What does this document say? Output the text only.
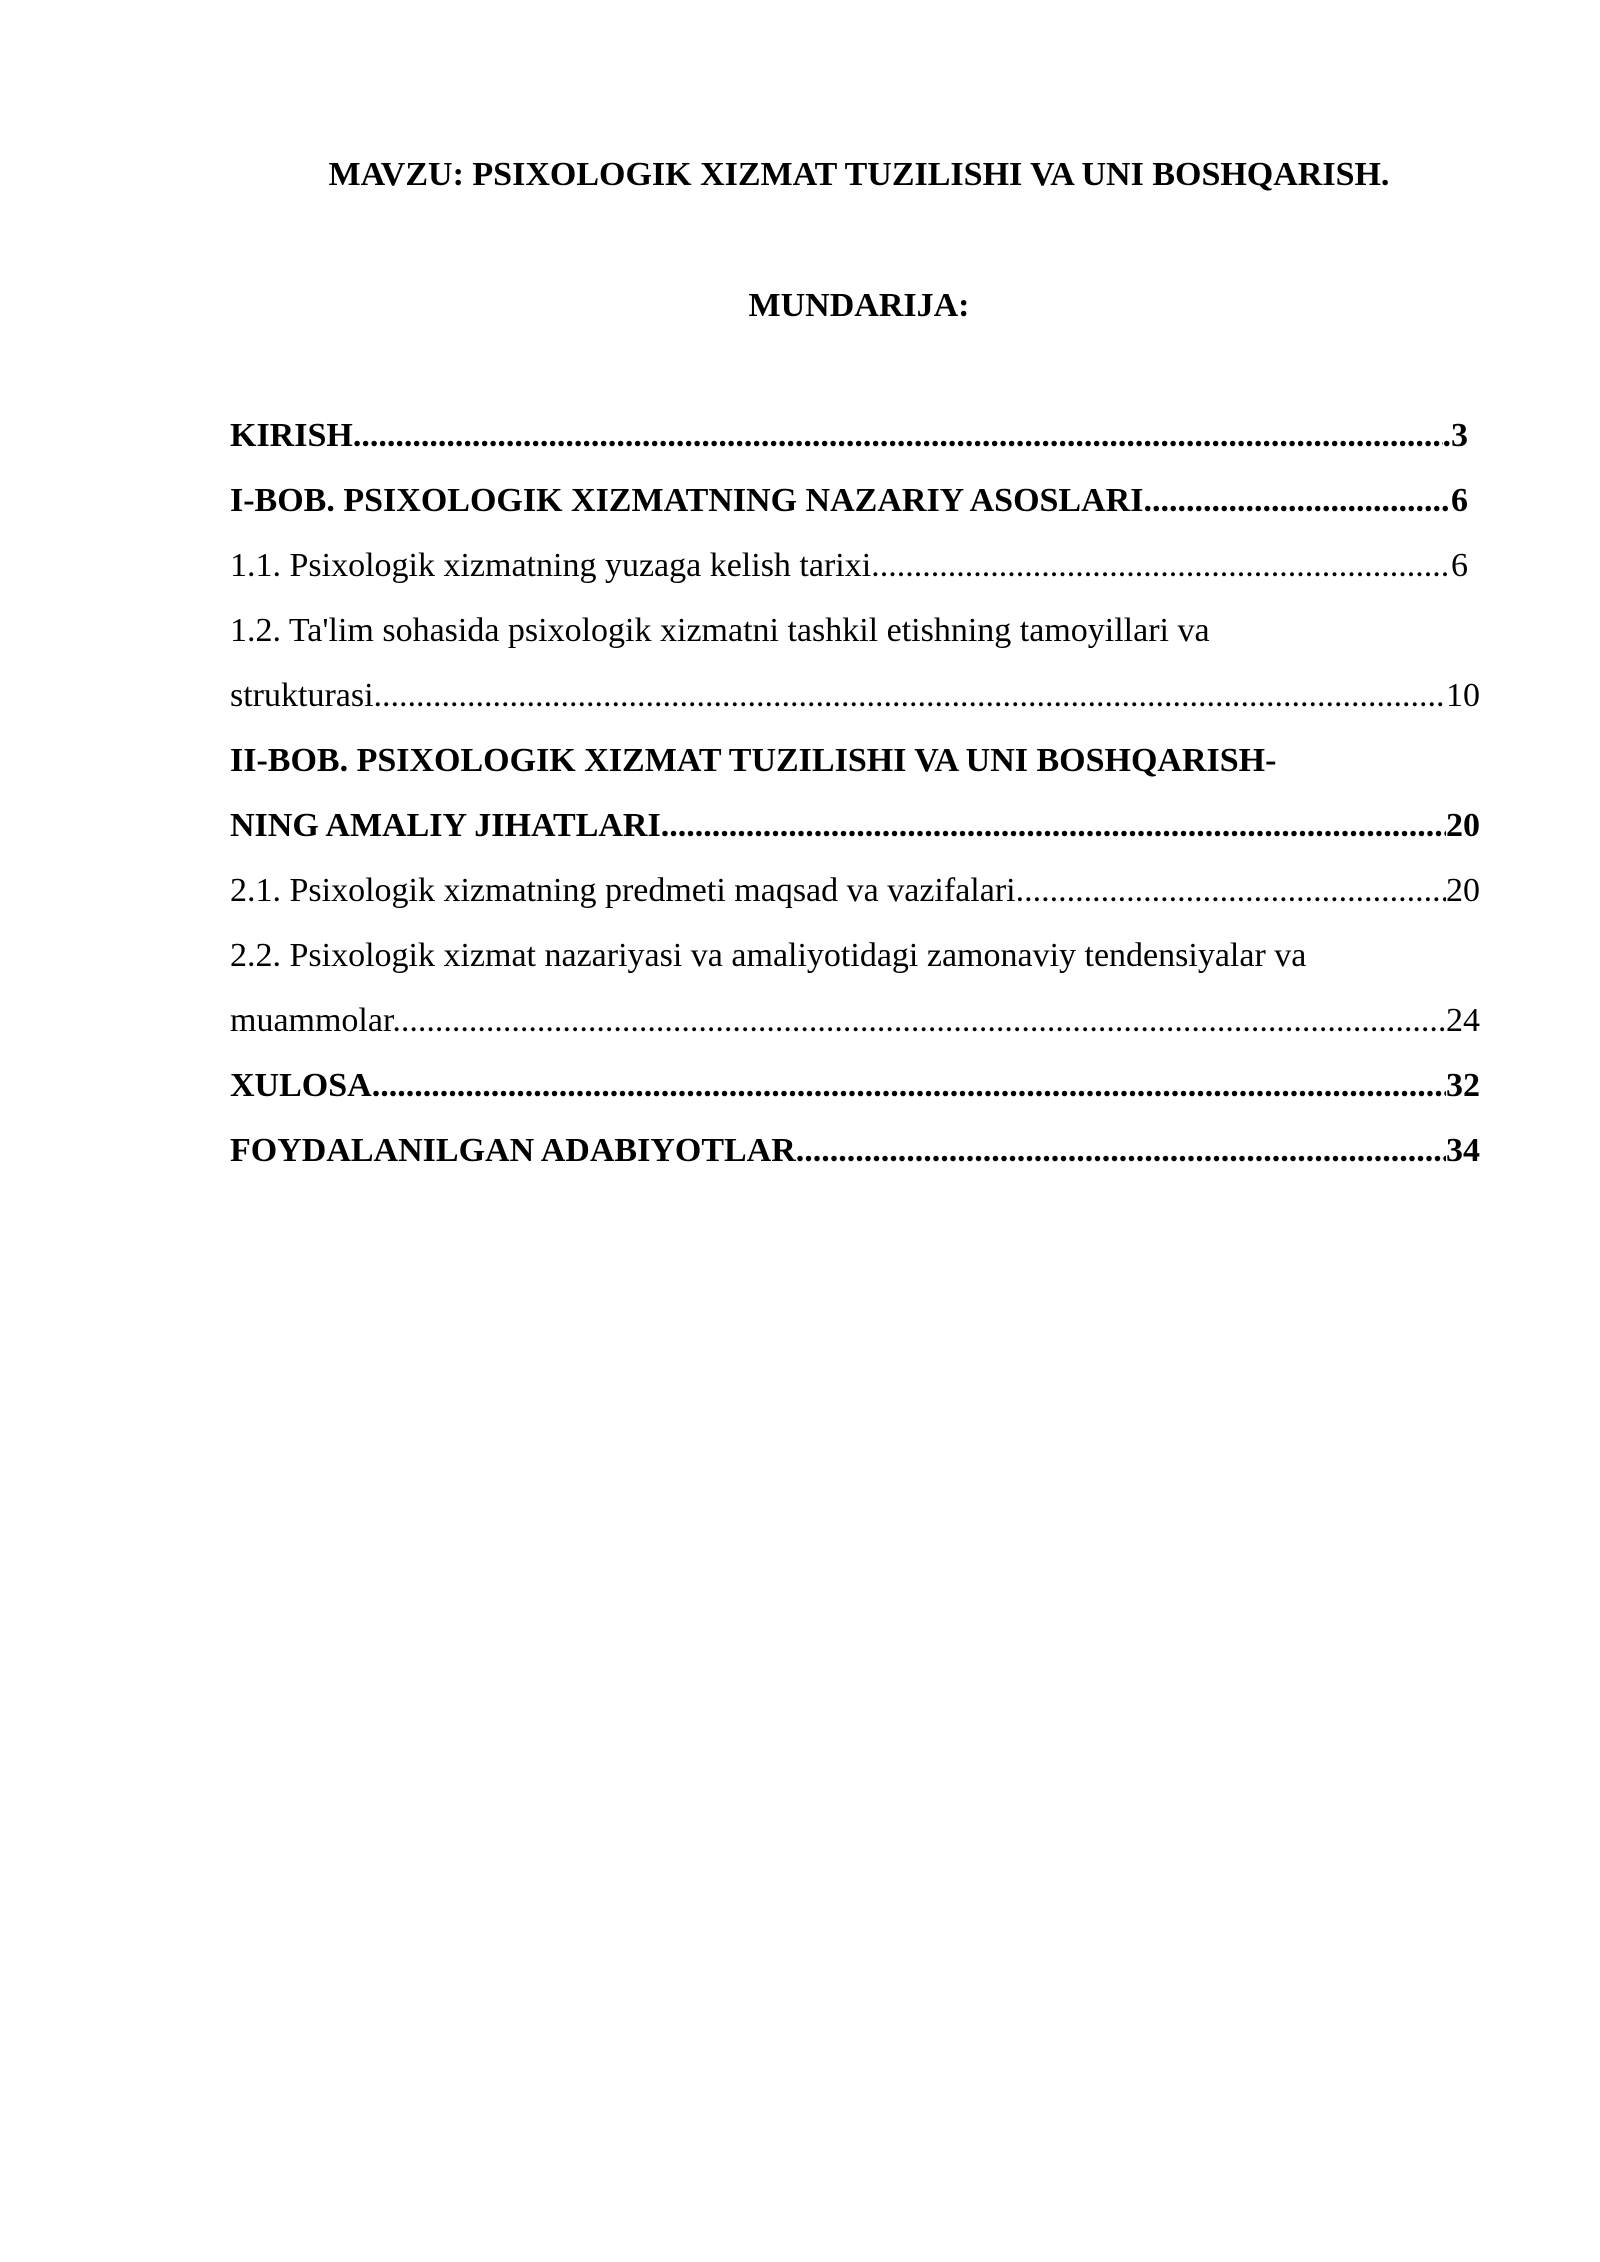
MAVZU: PSIXOLOGIK XIZMAT TUZILISHI VA UNI BOSHQARISH.
MUNDARIJA:
KIRISH .....	.3
I-BOB. PSIXOLOGIK XIZMATNING NAZARIY ASOSLARI .....	6
1.1. Psixologik xizmatning yuzaga kelish tarixi. .....	6
1.2. Ta'lim sohasida psixologik xizmatni tashkil etishning tamoyillari va
strukturasi. .....	10
II-BOB. PSIXOLOGIK XIZMAT TUZILISHI VA UNI BOSHQARISH-
NING AMALIY JIHATLARI .....	20
2.1. Psixologik xizmatning predmeti maqsad va vazifalari. .....	20
2.2. Psixologik xizmat nazariyasi va amaliyotidagi zamonaviy tendensiyalar va
muammolar. .....	24
XULOSA .....	32
FOYDALANILGAN ADABIYOTLAR .....	34
